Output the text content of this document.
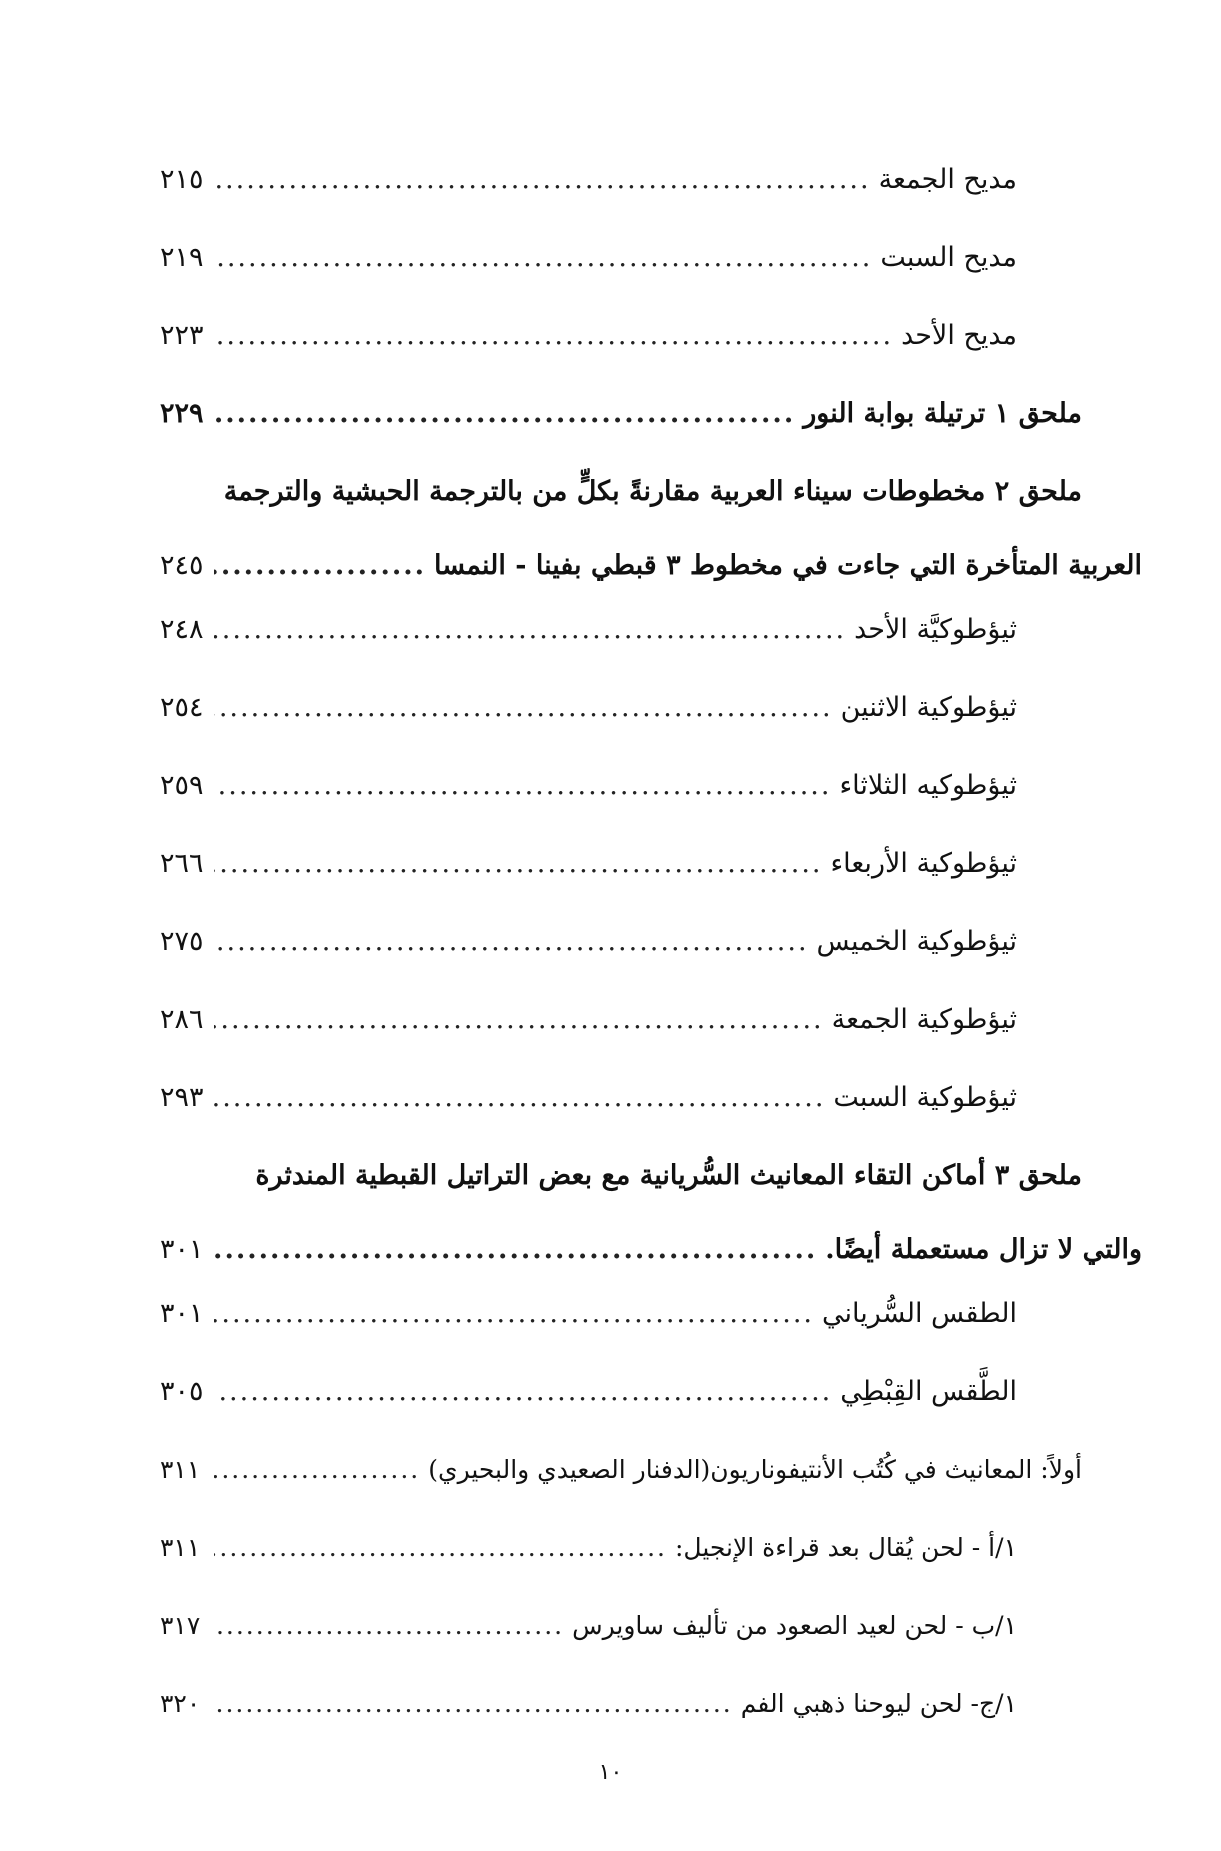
مديح الجمعة
.....
٢١٥
مديح السبت
.....
٢١٩
مديح الأحد
.....
٢٢٣
ملحق ١ ترتيلة بوابة النور
.....
٢٢٩
ملحق ٢ مخطوطات سيناء العربية مقارنةً بكلٍّ من بالترجمة الحبشية والترجمة
العربية المتأخرة التي جاءت في مخطوط ٣ قبطي بفينا - النمسا
.....
٢٤٥
ثيؤطوكيَّة الأحد
.....
٢٤٨
ثيؤطوكية الاثنين
.....
٢٥٤
ثيؤطوكيه الثلاثاء
.....
٢٥٩
ثيؤطوكية الأربعاء
.....
٢٦٦
ثيؤطوكية الخميس
.....
٢٧٥
ثيؤطوكية الجمعة
.....
٢٨٦
ثيؤطوكية السبت
.....
٢٩٣
ملحق ٣ أماكن التقاء المعانيث السُّريانية مع بعض التراتيل القبطية المندثرة
والتي لا تزال مستعملة أيضًا.
.....
٣٠١
الطقس السُّرياني
.....
٣٠١
الطَّقس القِبْطِي
.....
٣٠٥
أولاً: المعانيث في كُتُب الأنتيفوناريون(الدفنار الصعيدي والبحيري)
.....
٣١١
١/أ - لحن يُقال بعد قراءة الإنجيل:
.....
٣١١
١/ب - لحن لعيد الصعود من تأليف ساويرس
.....
٣١٧
١/ج- لحن ليوحنا ذهبي الفم
.....
٣٢٠
١٠
